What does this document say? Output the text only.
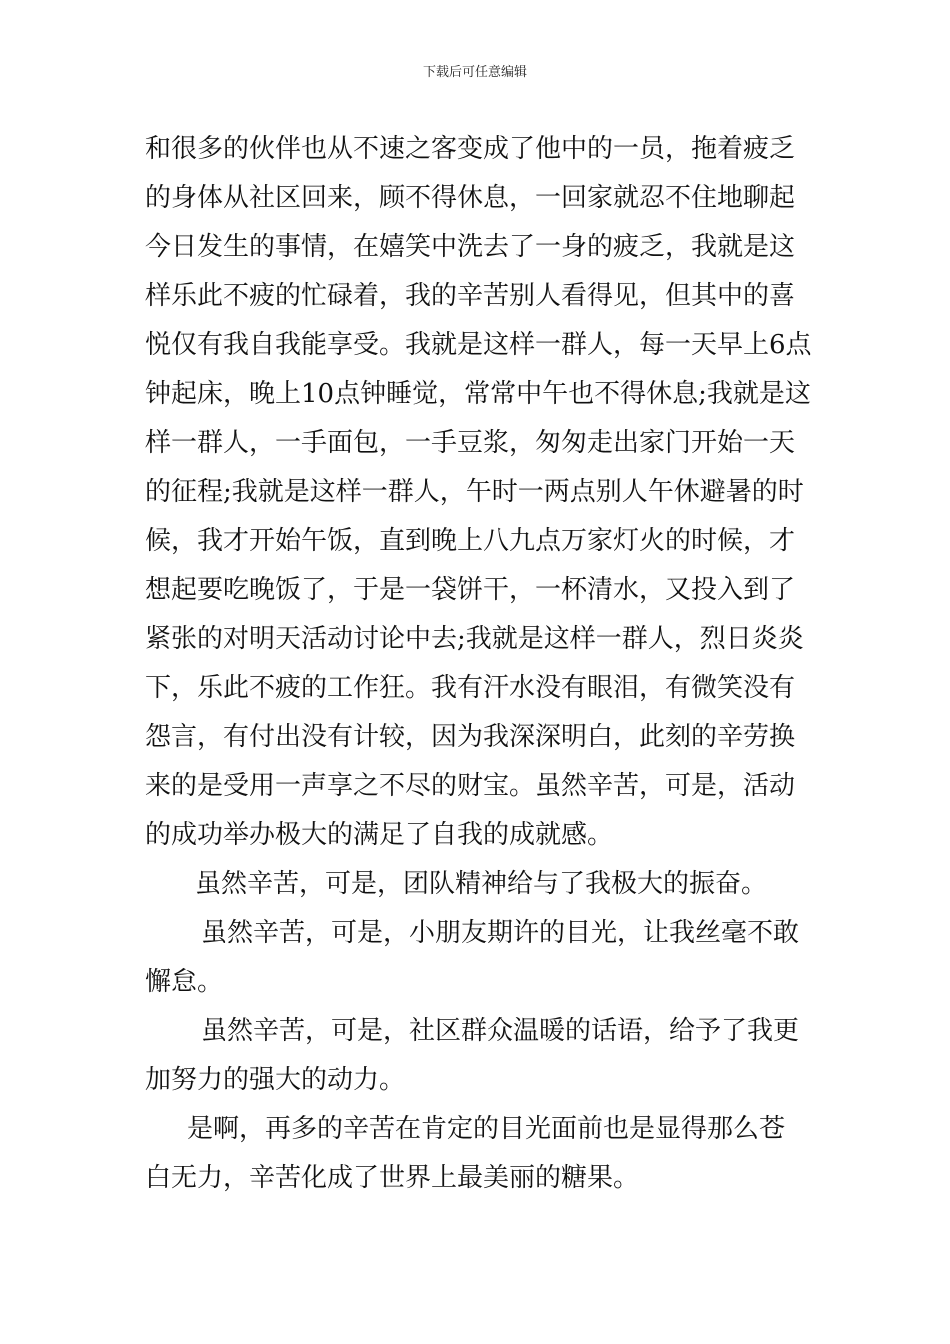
下载后可任意编辑
和很多的伙伴也从不速之客变成了他中的一员，拖着疲乏
的身体从社区回来，顾不得休息，一回家就忍不住地聊起
今日发生的事情，在嬉笑中洗去了一身的疲乏，我就是这
样乐此不疲的忙碌着，我的辛苦别人看得见，但其中的喜
悦仅有我自我能享受。我就是这样一群人，每一天早上6点
钟起床，晚上10点钟睡觉，常常中午也不得休息;我就是这
样一群人，一手面包，一手豆浆，匆匆走出家门开始一天
的征程;我就是这样一群人，午时一两点别人午休避暑的时
候，我才开始午饭，直到晚上八九点万家灯火的时候，才
想起要吃晚饭了，于是一袋饼干，一杯清水，又投入到了
紧张的对明天活动讨论中去;我就是这样一群人，烈日炎炎
下，乐此不疲的工作狂。我有汗水没有眼泪，有微笑没有
怨言，有付出没有计较，因为我深深明白，此刻的辛劳换
来的是受用一声享之不尽的财宝。虽然辛苦，可是，活动
的成功举办极大的满足了自我的成就感。
虽然辛苦，可是，团队精神给与了我极大的振奋。
虽然辛苦，可是，小朋友期许的目光，让我丝毫不敢
懈怠。
虽然辛苦，可是，社区群众温暖的话语，给予了我更
加努力的强大的动力。
是啊，再多的辛苦在肯定的目光面前也是显得那么苍
白无力，辛苦化成了世界上最美丽的糖果。
